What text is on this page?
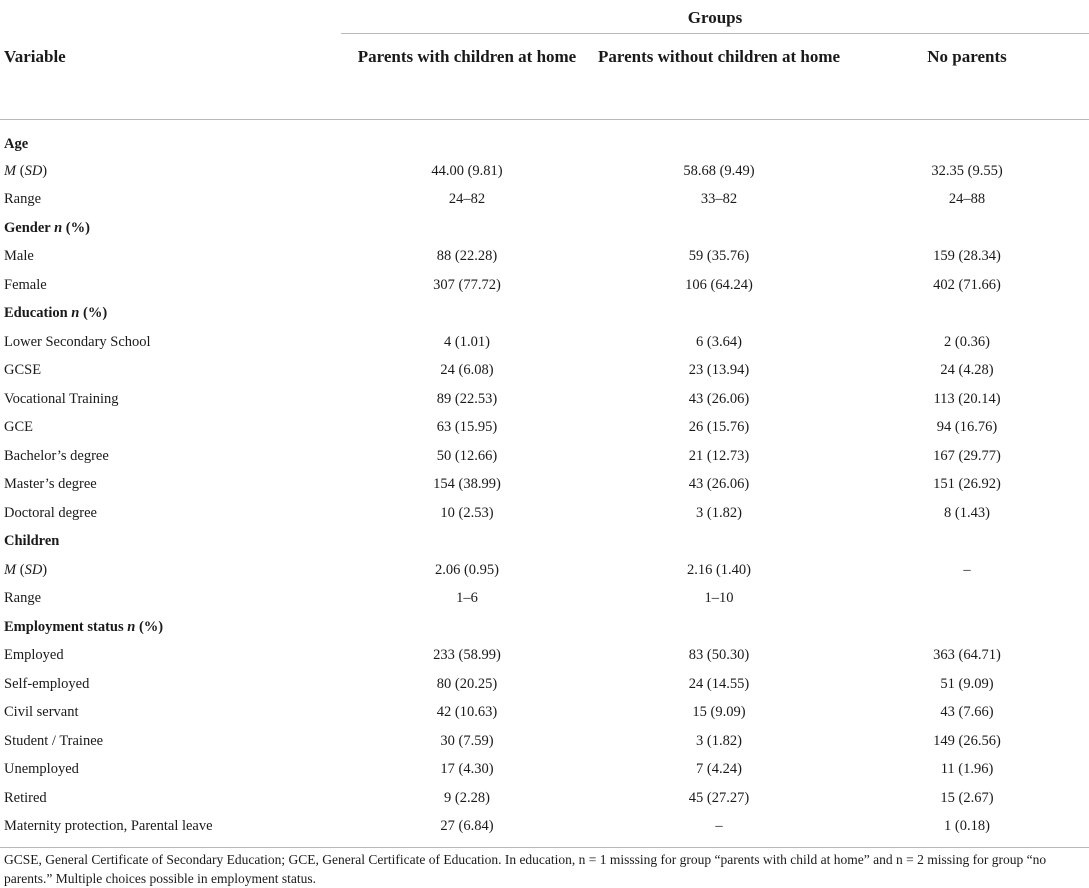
	Groups		
Variable	Parents with children at home	Parents without children at home	No parents
Age			
M (SD)	44.00 (9.81)	58.68 (9.49)	32.35 (9.55)
Range	24–82	33–82	24–88
Gender n (%)			
Male	88 (22.28)	59 (35.76)	159 (28.34)
Female	307 (77.72)	106 (64.24)	402 (71.66)
Education n (%)			
Lower Secondary School	4 (1.01)	6 (3.64)	2 (0.36)
GCSE	24 (6.08)	23 (13.94)	24 (4.28)
Vocational Training	89 (22.53)	43 (26.06)	113 (20.14)
GCE	63 (15.95)	26 (15.76)	94 (16.76)
Bachelor’s degree	50 (12.66)	21 (12.73)	167 (29.77)
Master’s degree	154 (38.99)	43 (26.06)	151 (26.92)
Doctoral degree	10 (2.53)	3 (1.82)	8 (1.43)
Children			
M (SD)	2.06 (0.95)	2.16 (1.40)	–
Range	1–6	1–10	
Employment status n (%)			
Employed	233 (58.99)	83 (50.30)	363 (64.71)
Self-employed	80 (20.25)	24 (14.55)	51 (9.09)
Civil servant	42 (10.63)	15 (9.09)	43 (7.66)
Student / Trainee	30 (7.59)	3 (1.82)	149 (26.56)
Unemployed	17 (4.30)	7 (4.24)	11 (1.96)
Retired	9 (2.28)	45 (27.27)	15 (2.67)
Maternity protection, Parental leave	27 (6.84)	–	1 (0.18)
GCSE, General Certificate of Secondary Education; GCE, General Certificate of Education. In education, n = 1 misssing for group “parents with child at home” and n = 2 missing for group “no parents.” Multiple choices possible in employment status.
